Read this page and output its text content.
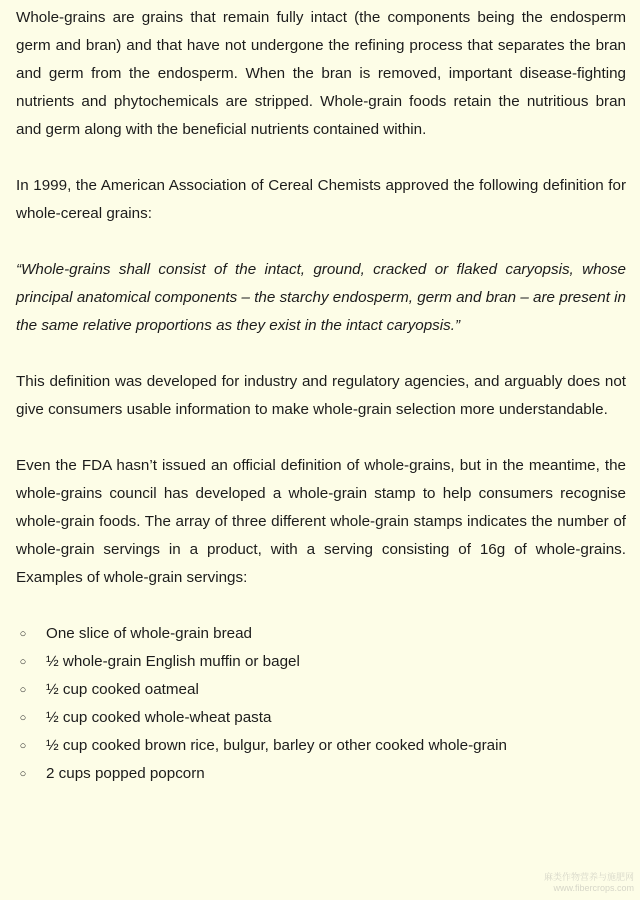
Whole-grains are grains that remain fully intact (the components being the endosperm germ and bran) and that have not undergone the refining process that separates the bran and germ from the endosperm. When the bran is removed, important disease-fighting nutrients and phytochemicals are stripped. Whole-grain foods retain the nutritious bran and germ along with the beneficial nutrients contained within.

In 1999, the American Association of Cereal Chemists approved the following definition for whole-cereal grains:

“Whole-grains shall consist of the intact, ground, cracked or flaked caryopsis, whose principal anatomical components – the starchy endosperm, germ and bran – are present in the same relative proportions as they exist in the intact caryopsis.”

This definition was developed for industry and regulatory agencies, and arguably does not give consumers usable information to make whole-grain selection more understandable.

Even the FDA hasn’t issued an official definition of whole-grains, but in the meantime, the whole-grains council has developed a whole-grain stamp to help consumers recognise whole-grain foods. The array of three different whole-grain stamps indicates the number of whole-grain servings in a product, with a serving consisting of 16g of whole-grains. Examples of whole-grain servings:

○ One slice of whole-grain bread
○ ½ whole-grain English muffin or bagel
○ ½ cup cooked oatmeal
○ ½ cup cooked whole-wheat pasta
○ ½ cup cooked brown rice, bulgur, barley or other cooked whole-grain
○ 2 cups popped popcorn
麻类作物营养与施肥网
www.fibercrops.com
